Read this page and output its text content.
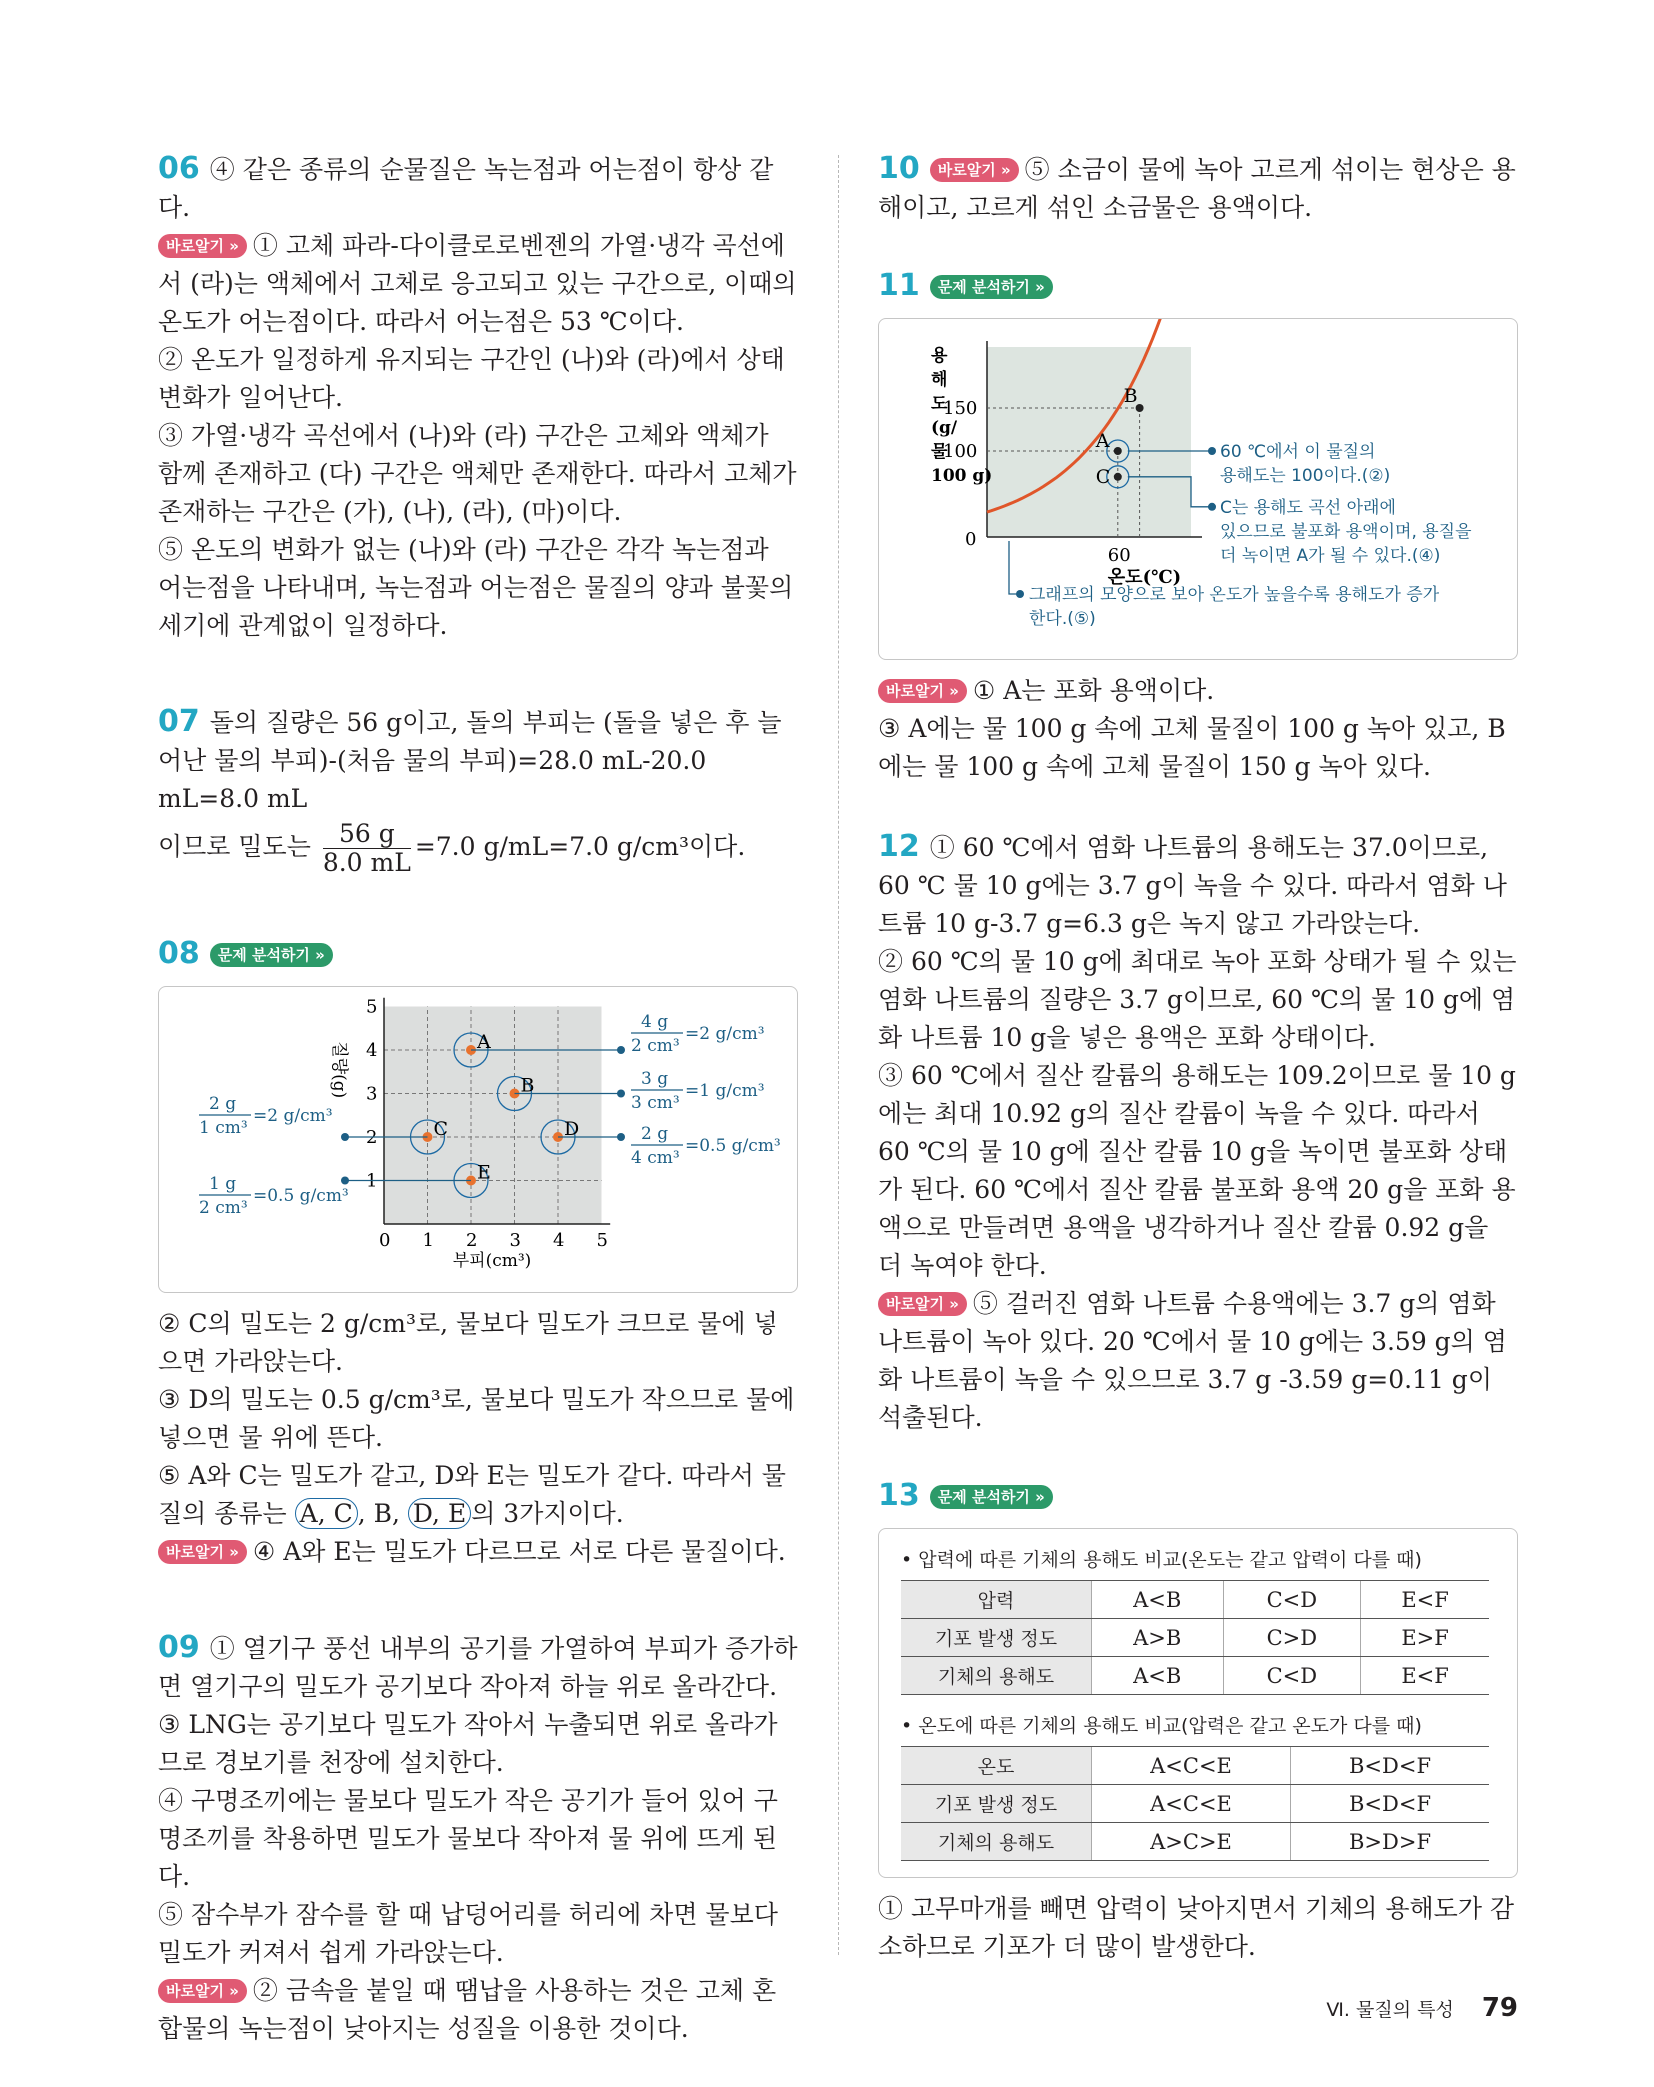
06 ④ 같은 종류의 순물질은 녹는점과 어는점이 항상 같다.

바로알기 » ① 고체 파라-다이클로로벤젠의 가열·냉각 곡선에서 (라)는 액체에서 고체로 응고되고 있는 구간으로, 이때의 온도가 어는점이다. 따라서 어는점은 53 ℃이다.

② 온도가 일정하게 유지되는 구간인 (나)와 (라)에서 상태 변화가 일어난다.

③ 가열·냉각 곡선에서 (나)와 (라) 구간은 고체와 액체가 함께 존재하고 (다) 구간은 액체만 존재한다. 따라서 고체가 존재하는 구간은 (가), (나), (라), (마)이다.

⑤ 온도의 변화가 없는 (나)와 (라) 구간은 각각 녹는점과 어는점을 나타내며, 녹는점과 어는점은 물질의 양과 불꽃의 세기에 관계없이 일정하다.

07 돌의 질량은 56 g이고, 돌의 부피는 (돌을 넣은 후 늘어난 물의 부피)-(처음 물의 부피)=28.0 mL-20.0 mL=8.0 mL

이므로 밀도는 $\frac{56 g}{8.0 mL} =7.0$ g/mL=7.0 g/cm³이다.

08 문제 분석하기 »

0 1 2 3 4 5
1
2
3
4
5
부피(cm³)
질량(g)	A
B
C	D
E
4 g
2 cm³
=2 g/cm³
3 g
3 cm³
=1 g/cm³
2 g
4 cm³
=0.5 g/cm³
2 g
1 cm³
=2 g/cm³
1 g
2 cm³
=0.5 g/cm³

② C의 밀도는 2 g/cm³로, 물보다 밀도가 크므로 물에 넣으면 가라앉는다.

③ D의 밀도는 0.5 g/cm³로, 물보다 밀도가 작으므로 물에 넣으면 물 위에 뜬다.

⑤ A와 C는 밀도가 같고, D와 E는 밀도가 같다. 따라서 물질의 종류는 A, C , B, D, E 의 3가지이다.

바로알기 » ④ A와 E는 밀도가 다르므로 서로 다른 물질이다.

09 ① 열기구 풍선 내부의 공기를 가열하여 부피가 증가하면 열기구의 밀도가 공기보다 작아져 하늘 위로 올라간다.

③ LNG는 공기보다 밀도가 작아서 누출되면 위로 올라가므로 경보기를 천장에 설치한다.

④ 구명조끼에는 물보다 밀도가 작은 공기가 들어 있어 구명조끼를 착용하면 밀도가 물보다 작아져 물 위에 뜨게 된다.

⑤ 잠수부가 잠수를 할 때 납덩어리를 허리에 차면 물보다 밀도가 커져서 쉽게 가라앉는다.

바로알기 » ② 금속을 붙일 때 땜납을 사용하는 것은 고체 혼합물의 녹는점이 낮아지는 성질을 이용한 것이다.

10 바로알기 » ⑤ 소금이 물에 녹아 고르게 섞이는 현상은 용해이고, 고르게 섞인 소금물은 용액이다.

11 문제 분석하기 »

0
60
100
150
용
해
도
(g/
물
100 g)
온도(℃)
A
B
C
60 ℃에서 이 물질의
용해도는 100이다.(②)
C는 용해도 곡선 아래에
있으므로 불포화 용액이며, 용질을
더 녹이면 A가 될 수 있다.(④)
그래프의 모양으로 보아 온도가 높을수록 용해도가 증가
한다.(⑤)

바로알기 » ① A는 포화 용액이다.

③ A에는 물 100 g 속에 고체 물질이 100 g 녹아 있고, B에는 물 100 g 속에 고체 물질이 150 g 녹아 있다.

12 ① 60 ℃에서 염화 나트륨의 용해도는 37.0이므로, 60 ℃ 물 10 g에는 3.7 g이 녹을 수 있다. 따라서 염화 나트륨 10 g-3.7 g=6.3 g은 녹지 않고 가라앉는다.

② 60 ℃의 물 10 g에 최대로 녹아 포화 상태가 될 수 있는 염화 나트륨의 질량은 3.7 g이므로, 60 ℃의 물 10 g에 염화 나트륨 10 g을 넣은 용액은 포화 상태이다.

③ 60 ℃에서 질산 칼륨의 용해도는 109.2이므로 물 10 g에는 최대 10.92 g의 질산 칼륨이 녹을 수 있다. 따라서 60 ℃의 물 10 g에 질산 칼륨 10 g을 녹이면 불포화 상태가 된다. 60 ℃에서 질산 칼륨 불포화 용액 20 g을 포화 용액으로 만들려면 용액을 냉각하거나 질산 칼륨 0.92 g을 더 녹여야 한다.

바로알기 » ⑤ 걸러진 염화 나트륨 수용액에는 3.7 g의 염화 나트륨이 녹아 있다. 20 ℃에서 물 10 g에는 3.59 g의 염화 나트륨이 녹을 수 있으므로 3.7 g -3.59 g=0.11 g이 석출된다.

13 문제 분석하기 »

• 압력에 따른 기체의 용해도 비교(온도는 같고 압력이 다를 때)
압력	A<B	C<D	E<F
기포 발생 정도	A>B	C>D	E>F
기체의 용해도	A<B	C<D	E<F
• 온도에 따른 기체의 용해도 비교(압력은 같고 온도가 다를 때)
온도	A<C<E	B<D<F
기포 발생 정도	A<C<E	B<D<F
기체의 용해도	A>C>E	B>D>F

① 고무마개를 빼면 압력이 낮아지면서 기체의 용해도가 감소하므로 기포가 더 많이 발생한다.

Ⅵ. 물질의 특성 79
